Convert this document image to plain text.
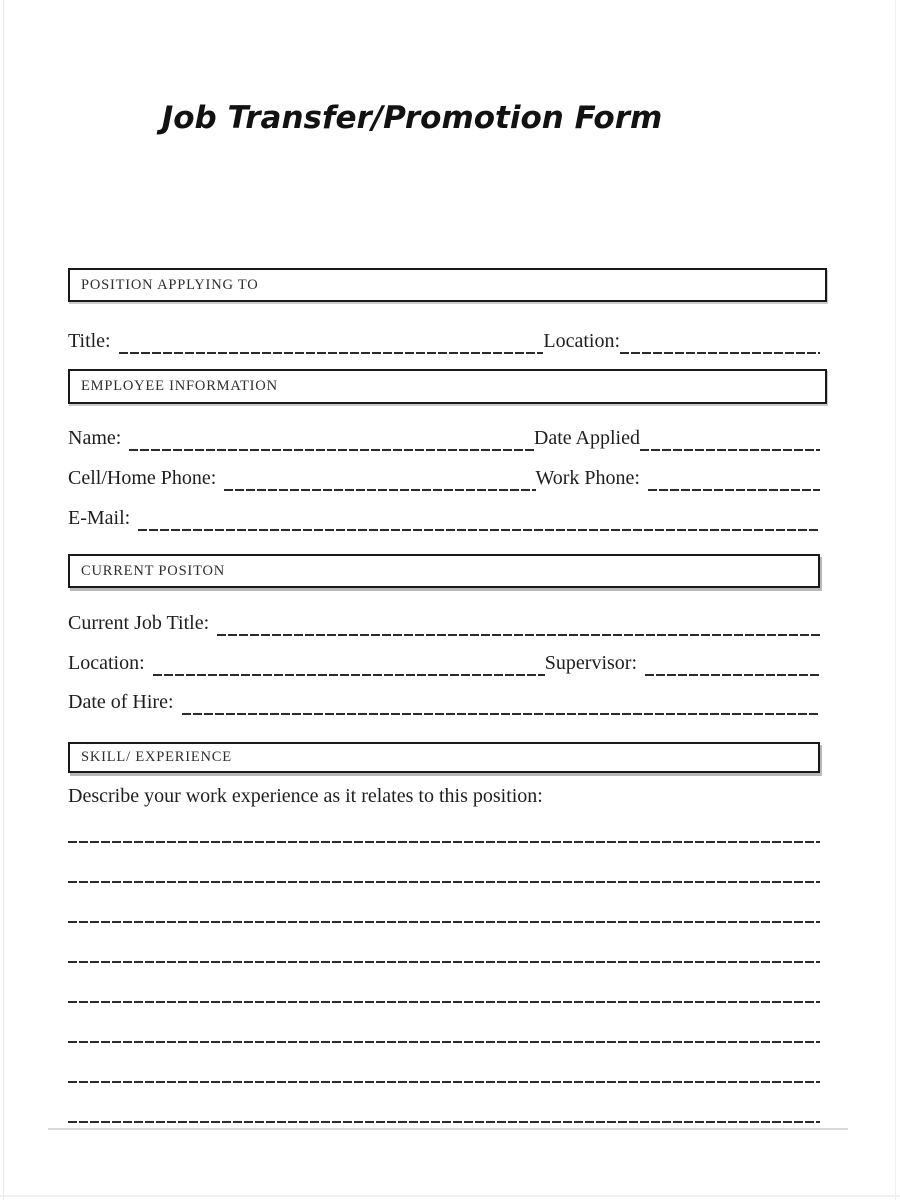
Job Transfer/Promotion Form
POSITION APPLYING TO
Title:	Location:
EMPLOYEE INFORMATION
Name:	Date Applied
Cell/Home Phone:	Work Phone:
E-Mail:
CURRENT POSITON
Current Job Title:
Location:	Supervisor:
Date of Hire:
SKILL/ EXPERIENCE
Describe your work experience as it relates to this position:
